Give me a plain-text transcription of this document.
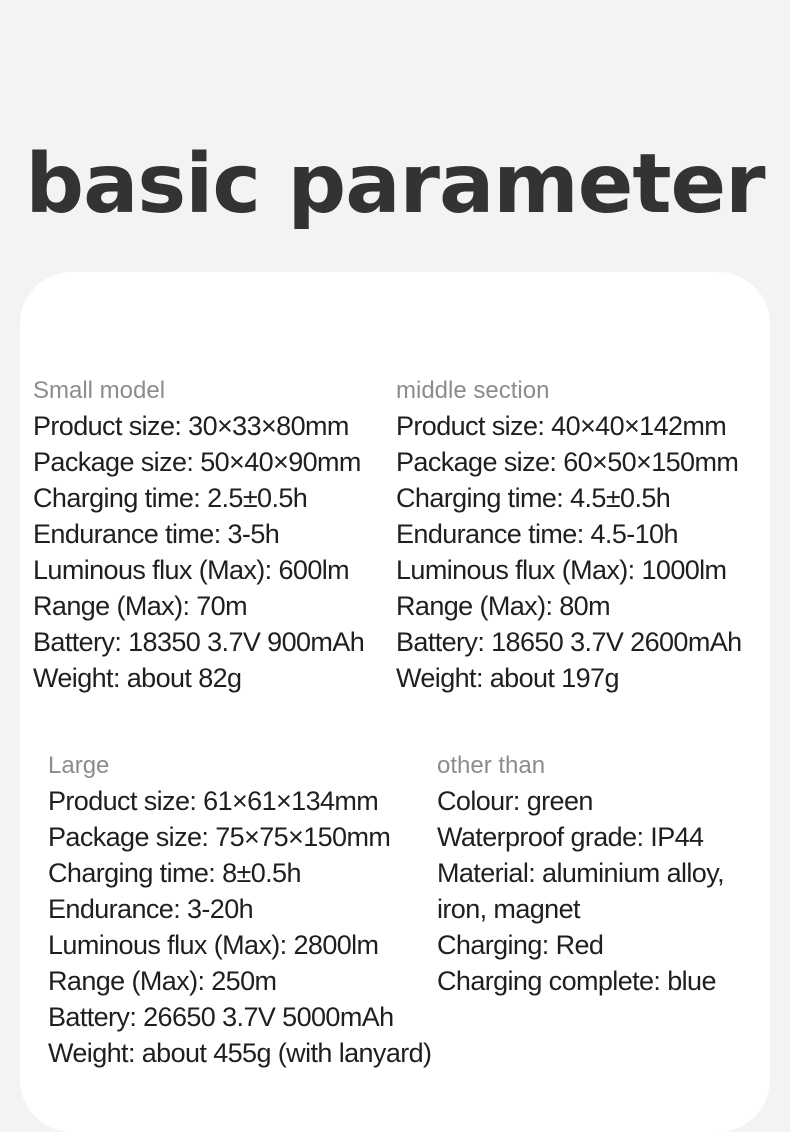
basic parameter
Small model
Product size: 30×33×80mm
Package size: 50×40×90mm
Charging time: 2.5±0.5h
Endurance time: 3-5h
Luminous flux (Max): 600lm
Range (Max): 70m
Battery: 18350 3.7V 900mAh
Weight: about 82g
middle section
Product size: 40×40×142mm
Package size: 60×50×150mm
Charging time: 4.5±0.5h
Endurance time: 4.5-10h
Luminous flux (Max): 1000lm
Range (Max): 80m
Battery: 18650 3.7V 2600mAh
Weight: about 197g
Large
Product size: 61×61×134mm
Package size: 75×75×150mm
Charging time: 8±0.5h
Endurance: 3-20h
Luminous flux (Max): 2800lm
Range (Max): 250m
Battery: 26650 3.7V 5000mAh
Weight: about 455g (with lanyard)
other than
Colour: green
Waterproof grade: IP44
Material: aluminium alloy,
iron, magnet
Charging: Red
Charging complete: blue
